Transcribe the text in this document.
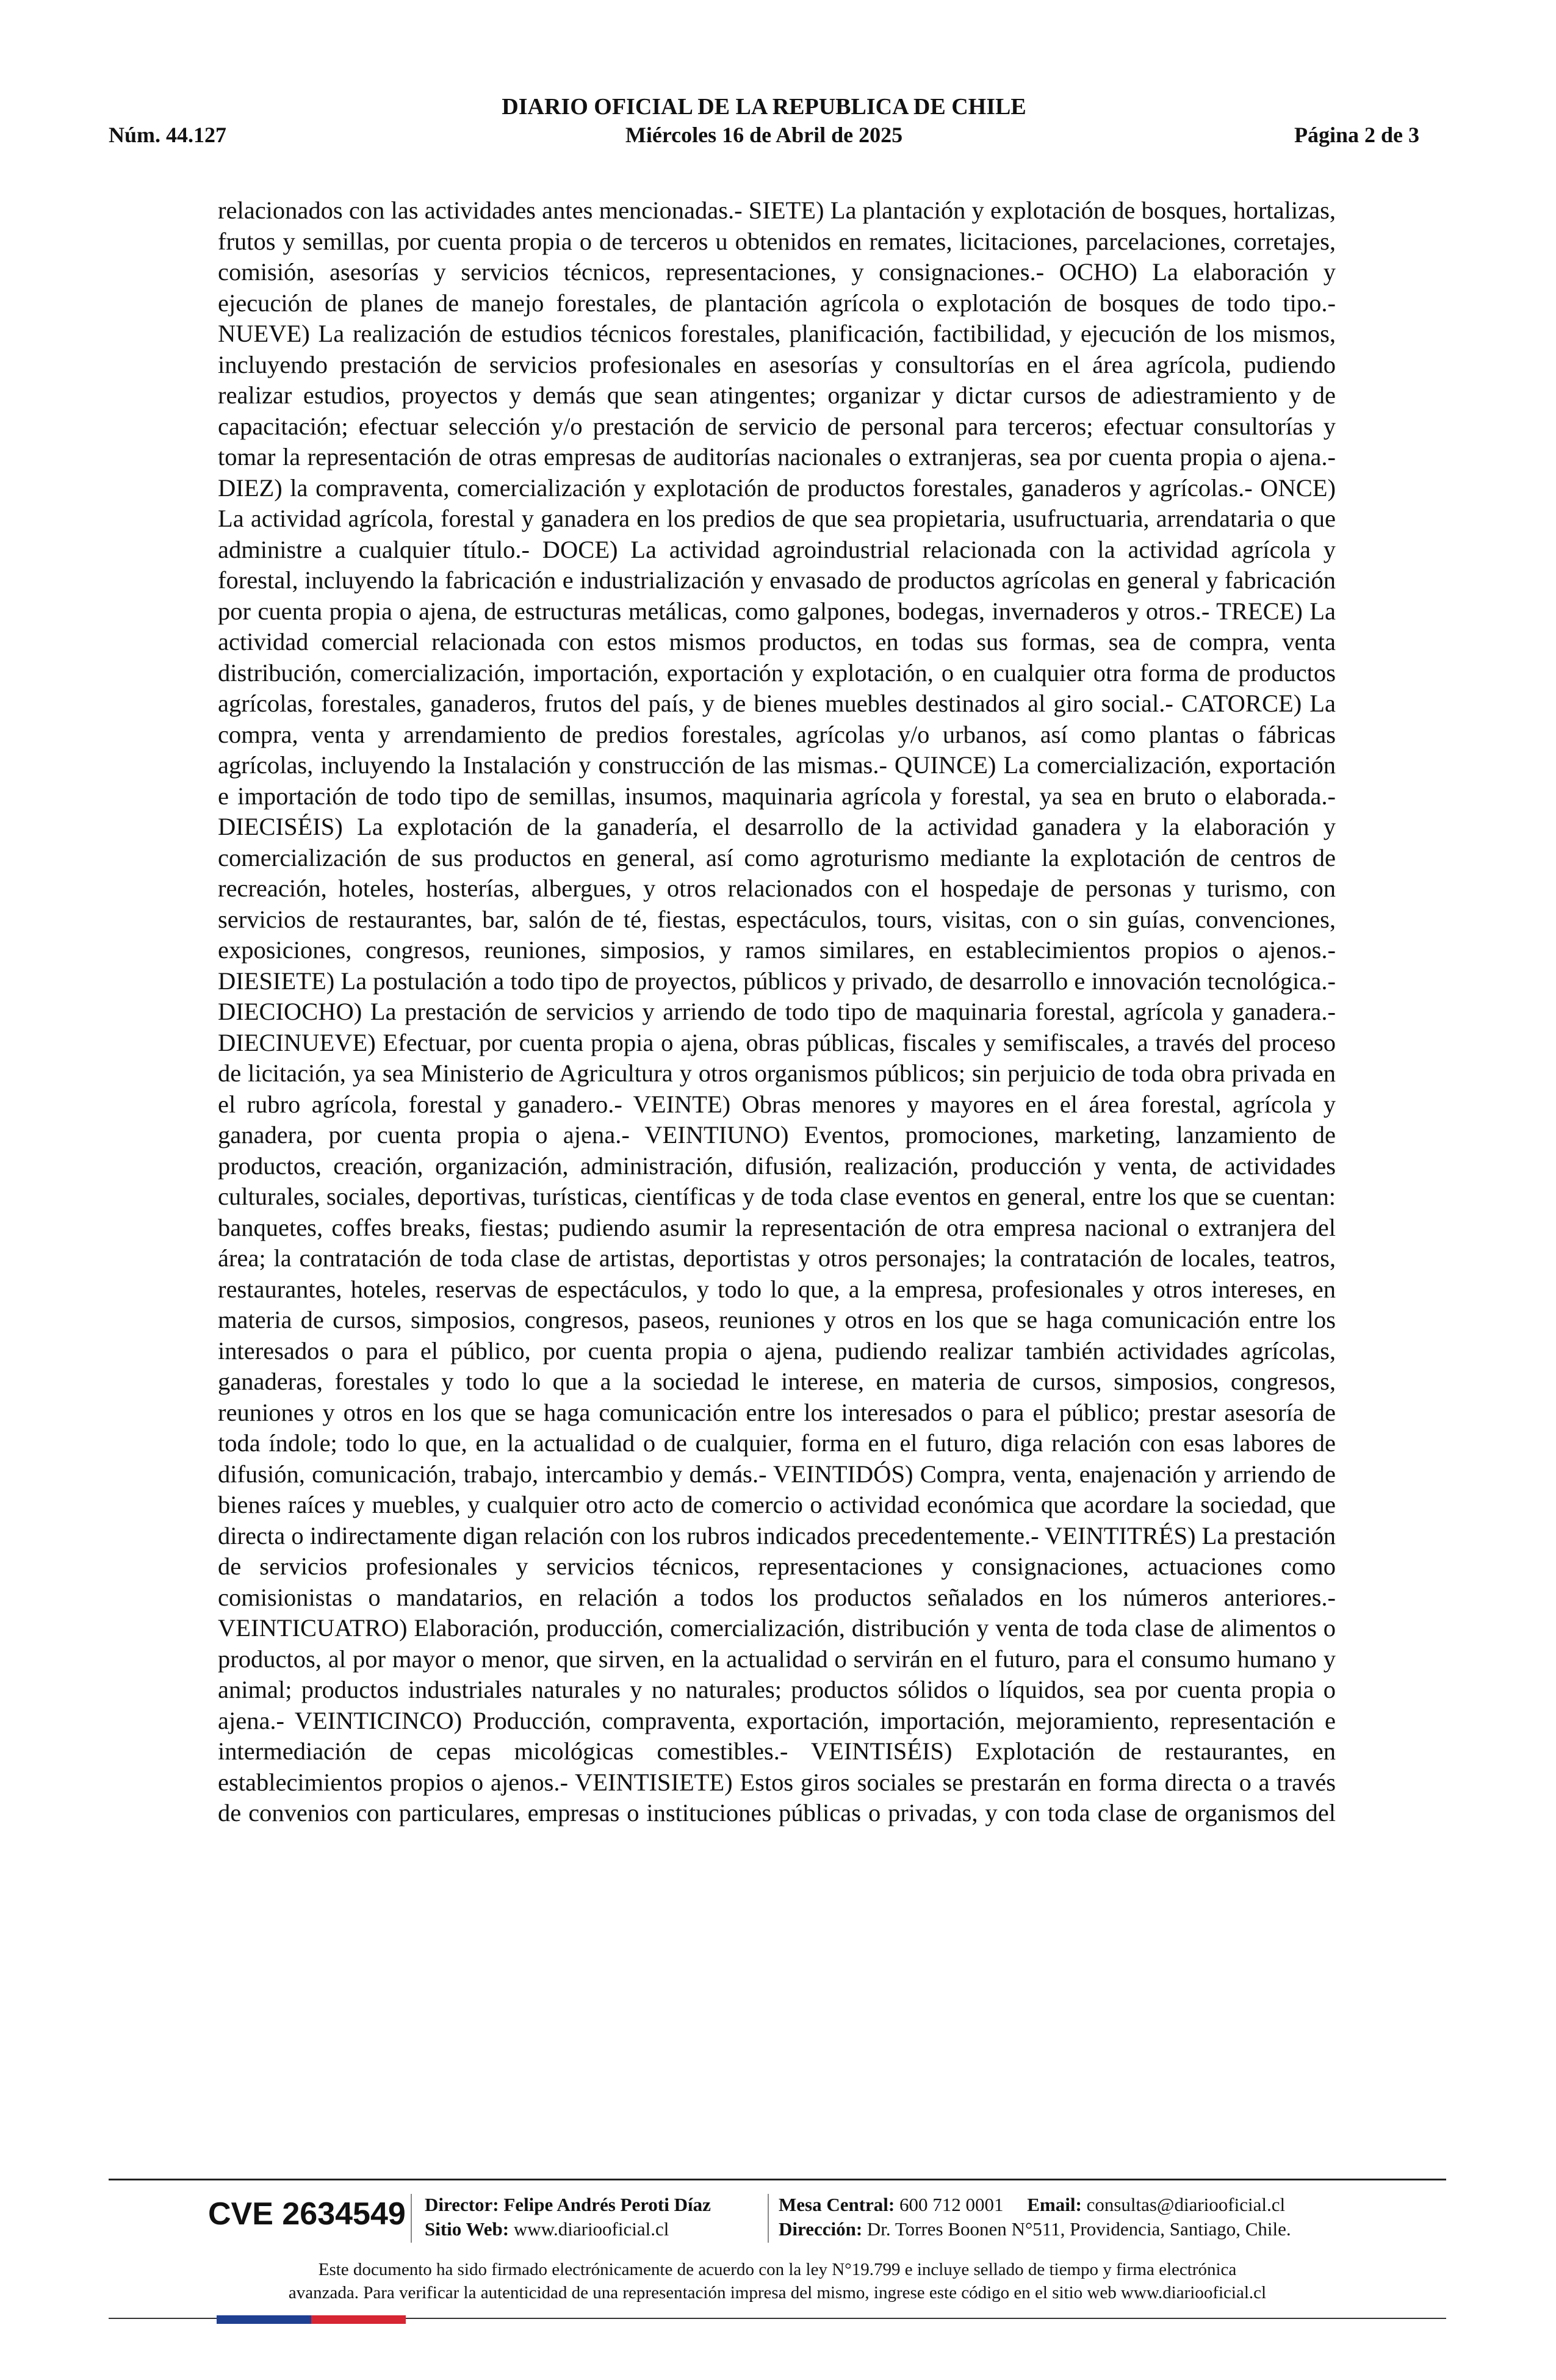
DIARIO OFICIAL DE LA REPUBLICA DE CHILE
Núm. 44.127	Miércoles 16 de Abril de 2025	Página 2 de 3
relacionados con las actividades antes mencionadas.- SIETE) La plantación y explotación de bosques, hortalizas, frutos y semillas, por cuenta propia o de terceros u obtenidos en remates, licitaciones, parcelaciones, corretajes, comisión, asesorías y servicios técnicos, representaciones, y consignaciones.- OCHO) La elaboración y ejecución de planes de manejo forestales, de plantación agrícola o explotación de bosques de todo tipo.- NUEVE) La realización de estudios técnicos forestales, planificación, factibilidad, y ejecución de los mismos, incluyendo prestación de servicios profesionales en asesorías y consultorías en el área agrícola, pudiendo realizar estudios, proyectos y demás que sean atingentes; organizar y dictar cursos de adiestramiento y de capacitación; efectuar selección y/o prestación de servicio de personal para terceros; efectuar consultorías y tomar la representación de otras empresas de auditorías nacionales o extranjeras, sea por cuenta propia o ajena.- DIEZ) la compraventa, comercialización y explotación de productos forestales, ganaderos y agrícolas.- ONCE) La actividad agrícola, forestal y ganadera en los predios de que sea propietaria, usufructuaria, arrendataria o que administre a cualquier título.- DOCE) La actividad agroindustrial relacionada con la actividad agrícola y forestal, incluyendo la fabricación e industrialización y envasado de productos agrícolas en general y fabricación por cuenta propia o ajena, de estructuras metálicas, como galpones, bodegas, invernaderos y otros.- TRECE) La actividad comercial relacionada con estos mismos productos, en todas sus formas, sea de compra, venta distribución, comercialización, importación, exportación y explotación, o en cualquier otra forma de productos agrícolas, forestales, ganaderos, frutos del país, y de bienes muebles destinados al giro social.- CATORCE) La compra, venta y arrendamiento de predios forestales, agrícolas y/o urbanos, así como plantas o fábricas agrícolas, incluyendo la Instalación y construcción de las mismas.- QUINCE) La comercialización, exportación e importación de todo tipo de semillas, insumos, maquinaria agrícola y forestal, ya sea en bruto o elaborada.- DIECISÉIS) La explotación de la ganadería, el desarrollo de la actividad ganadera y la elaboración y comercialización de sus productos en general, así como agroturismo mediante la explotación de centros de recreación, hoteles, hosterías, albergues, y otros relacionados con el hospedaje de personas y turismo, con servicios de restaurantes, bar, salón de té, fiestas, espectáculos, tours, visitas, con o sin guías, convenciones, exposiciones, congresos, reuniones, simposios, y ramos similares, en establecimientos propios o ajenos.- DIESIETE) La postulación a todo tipo de proyectos, públicos y privado, de desarrollo e innovación tecnológica.- DIECIOCHO) La prestación de servicios y arriendo de todo tipo de maquinaria forestal, agrícola y ganadera.- DIECINUEVE) Efectuar, por cuenta propia o ajena, obras públicas, fiscales y semifiscales, a través del proceso de licitación, ya sea Ministerio de Agricultura y otros organismos públicos; sin perjuicio de toda obra privada en el rubro agrícola, forestal y ganadero.- VEINTE) Obras menores y mayores en el área forestal, agrícola y ganadera, por cuenta propia o ajena.- VEINTIUNO) Eventos, promociones, marketing, lanzamiento de productos, creación, organización, administración, difusión, realización, producción y venta, de actividades culturales, sociales, deportivas, turísticas, científicas y de toda clase eventos en general, entre los que se cuentan: banquetes, coffes breaks, fiestas; pudiendo asumir la representación de otra empresa nacional o extranjera del área; la contratación de toda clase de artistas, deportistas y otros personajes; la contratación de locales, teatros, restaurantes, hoteles, reservas de espectáculos, y todo lo que, a la empresa, profesionales y otros intereses, en materia de cursos, simposios, congresos, paseos, reuniones y otros en los que se haga comunicación entre los interesados o para el público, por cuenta propia o ajena, pudiendo realizar también actividades agrícolas, ganaderas, forestales y todo lo que a la sociedad le interese, en materia de cursos, simposios, congresos, reuniones y otros en los que se haga comunicación entre los interesados o para el público; prestar asesoría de toda índole; todo lo que, en la actualidad o de cualquier, forma en el futuro, diga relación con esas labores de difusión, comunicación, trabajo, intercambio y demás.- VEINTIDÓS) Compra, venta, enajenación y arriendo de bienes raíces y muebles, y cualquier otro acto de comercio o actividad económica que acordare la sociedad, que directa o indirectamente digan relación con los rubros indicados precedentemente.- VEINTITRÉS) La prestación de servicios profesionales y servicios técnicos, representaciones y consignaciones, actuaciones como comisionistas o mandatarios, en relación a todos los productos señalados en los números anteriores.- VEINTICUATRO) Elaboración, producción, comercialización, distribución y venta de toda clase de alimentos o productos, al por mayor o menor, que sirven, en la actualidad o servirán en el futuro, para el consumo humano y animal; productos industriales naturales y no naturales; productos sólidos o líquidos, sea por cuenta propia o ajena.- VEINTICINCO) Producción, compraventa, exportación, importación, mejoramiento, representación e intermediación de cepas micológicas comestibles.- VEINTISÉIS) Explotación de restaurantes, en establecimientos propios o ajenos.- VEINTISIETE) Estos giros sociales se prestarán en forma directa o a través de convenios con particulares, empresas o instituciones públicas o privadas, y con toda clase de organismos del
CVE 2634549 Director: Felipe Andrés Peroti Díaz
Sitio Web: www.diariooficial.cl
Mesa Central: 600 712 0001 Email: consultas@diariooficial.cl
Dirección: Dr. Torres Boonen N°511, Providencia, Santiago, Chile.
Este documento ha sido firmado electrónicamente de acuerdo con la ley N°19.799 e incluye sellado de tiempo y firma electrónica
avanzada. Para verificar la autenticidad de una representación impresa del mismo, ingrese este código en el sitio web www.diariooficial.cl
